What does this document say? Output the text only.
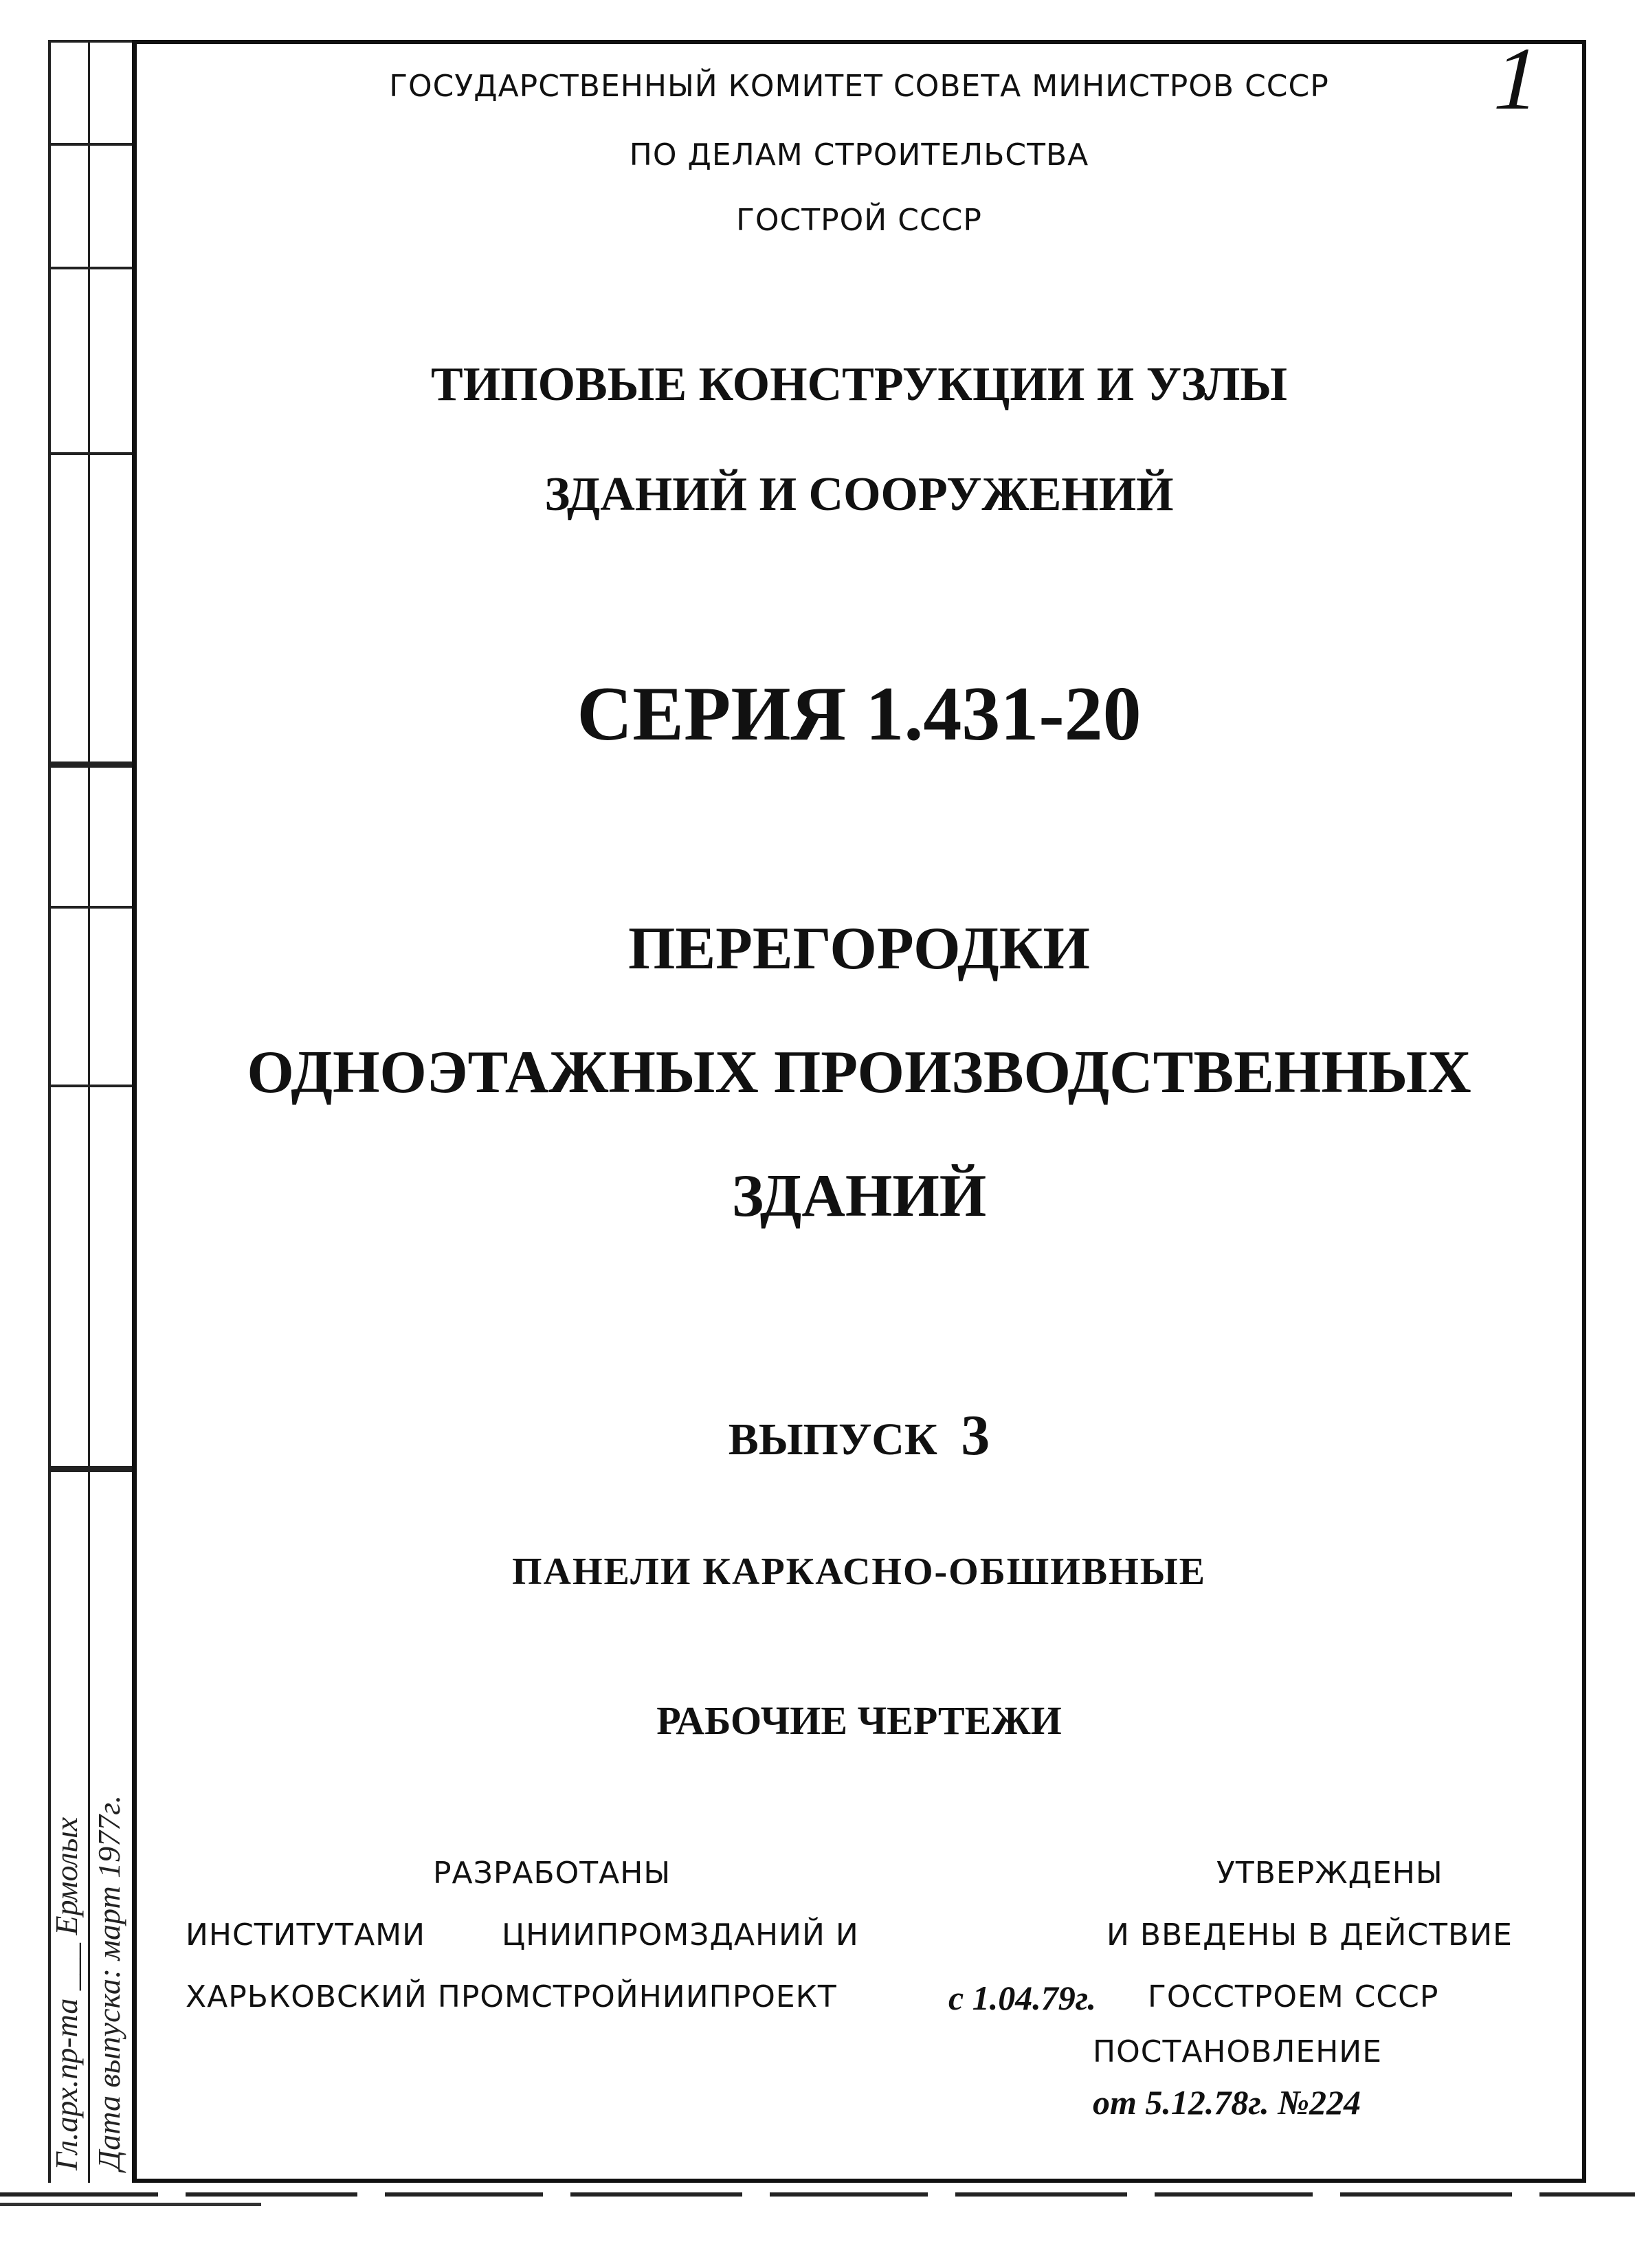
Гл.арх.пр-та ___ Ермолых Дата выпуска: март 1977г.
1
ГОСУДАРСТВЕННЫЙ КОМИТЕТ СОВЕТА МИНИСТРОВ СССР
ПО ДЕЛАМ СТРОИТЕЛЬСТВА
ГОСТРОЙ СССР
ТИПОВЫЕ КОНСТРУКЦИИ И УЗЛЫ
ЗДАНИЙ И СООРУЖЕНИЙ
СЕРИЯ 1.431-20
ПЕРЕГОРОДКИ
ОДНОЭТАЖНЫХ ПРОИЗВОДСТВЕННЫХ
ЗДАНИЙ
ВЫПУСК 3
ПАНЕЛИ КАРКАСНО-ОБШИВНЫЕ
РАБОЧИЕ ЧЕРТЕЖИ
РАЗРАБОТАНЫ
ИНСТИТУТАМИ	ЦНИИПРОМЗДАНИЙ И
ХАРЬКОВСКИЙ ПРОМСТРОЙНИИПРОЕКТ
УТВЕРЖДЕНЫ
И ВВЕДЕНЫ В ДЕЙСТВИЕ
с 1.04.79г. ГОССТРОЕМ СССР
ПОСТАНОВЛЕНИЕ
от 5.12.78г. №224
